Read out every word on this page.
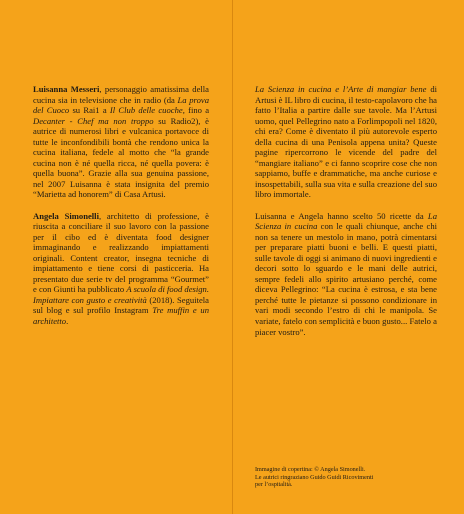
Luisanna Messeri, personaggio amatissima della cucina sia in televisione che in radio (da La prova del Cuoco su Rai1 a Il Club delle cuoche, fino a Decanter - Chef ma non troppo su Radio2), è autrice di numerosi libri e vulcanica portavoce di tutte le inconfondibili bontà che rendono unica la cucina italiana, fedele al motto che “la grande cucina non è né quella ricca, né quella povera: è quella buona”. Grazie alla sua genuina passione, nel 2007 Luisanna è stata insignita del premio “Marietta ad honorem” di Casa Artusi.

Angela Simonelli, architetto di professione, è riuscita a conciliare il suo lavoro con la passione per il cibo ed è diventata food designer immaginando e realizzando impiattamenti originali. Content creator, insegna tecniche di impiattamento e tiene corsi di pasticceria. Ha presentato due serie tv del programma “Gourmet” e con Giunti ha pubblicato A scuola di food design. Impiattare con gusto e creatività (2018). Seguitela sul blog e sul profilo Instagram Tre muffin e un architetto.

La Scienza in cucina e l’Arte di mangiar bene di Artusi è IL libro di cucina, il testo-capolavoro che ha fatto l’Italia a partire dalle sue tavole. Ma l’Artusi uomo, quel Pellegrino nato a Forlimpopoli nel 1820, chi era? Come è diventato il più autorevole esperto della cucina di una Penisola appena unita? Queste pagine ripercorrono le vicende del padre del “mangiare italiano” e ci fanno scoprire cose che non sappiamo, buffe e drammatiche, ma anche curiose e insospettabili, sulla sua vita e sulla creazione del suo libro immortale.

Luisanna e Angela hanno scelto 50 ricette da La Scienza in cucina con le quali chiunque, anche chi non sa tenere un mestolo in mano, potrà cimentarsi per preparare piatti buoni e belli. E questi piatti, sulle tavole di oggi si animano di nuovi ingredienti e decori sotto lo sguardo e le mani delle autrici, sempre fedeli allo spirito artusiano perché, come diceva Pellegrino: “La cucina è estrosa, e sta bene perché tutte le pietanze si possono condizionare in vari modi secondo l’estro di chi le manipola. Se variate, fatelo con semplicità e buon gusto... Fatelo a piacer vostro”.

Immagine di copertina: © Angela Simonelli.
Le autrici ringraziano Guido Guidi Ricovimenti
per l’ospitalità.
